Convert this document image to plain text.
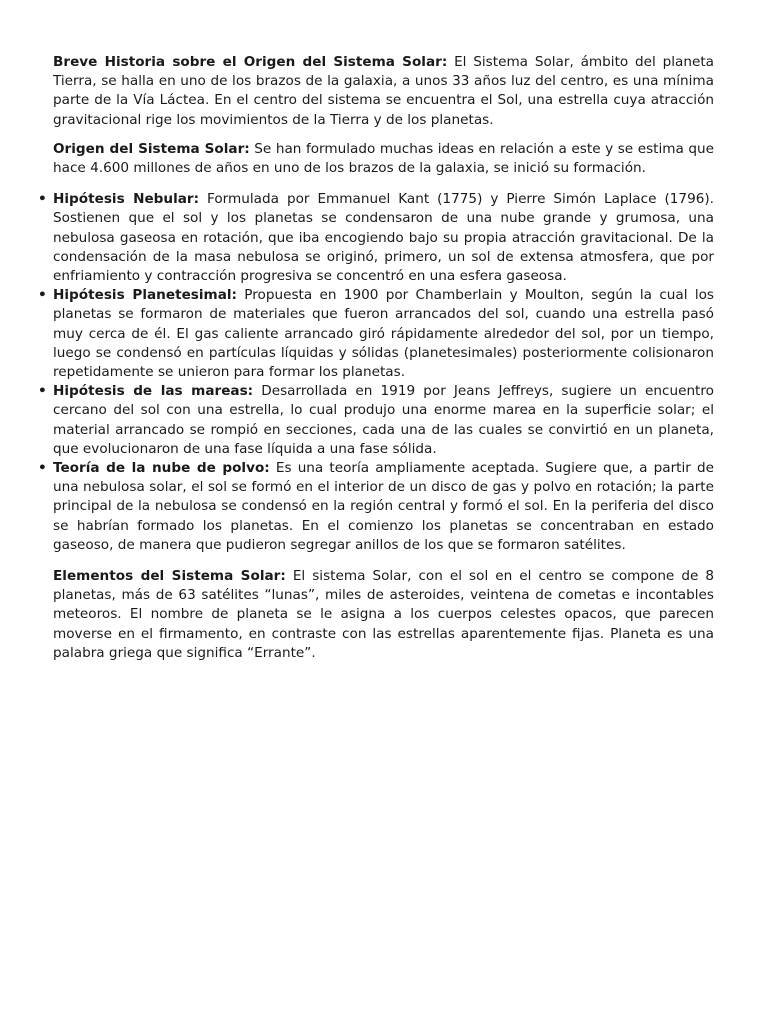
Breve Historia sobre el Origen del Sistema Solar: El Sistema Solar, ámbito del planeta Tierra, se halla en uno de los brazos de la galaxia, a unos 33 años luz del centro, es una mínima parte de la Vía Láctea. En el centro del sistema se encuentra el Sol, una estrella cuya atracción gravitacional rige los movimientos de la Tierra y de los planetas.

Origen del Sistema Solar: Se han formulado muchas ideas en relación a este y se estima que hace 4.600 millones de años en uno de los brazos de la galaxia, se inició su formación.

• Hipótesis Nebular: Formulada por Emmanuel Kant (1775) y Pierre Simón Laplace (1796). Sostienen que el sol y los planetas se condensaron de una nube grande y grumosa, una nebulosa gaseosa en rotación, que iba encogiendo bajo su propia atracción gravitacional. De la condensación de la masa nebulosa se originó, primero, un sol de extensa atmosfera, que por enfriamiento y contracción progresiva se concentró en una esfera gaseosa.
• Hipótesis Planetesimal: Propuesta en 1900 por Chamberlain y Moulton, según la cual los planetas se formaron de materiales que fueron arrancados del sol, cuando una estrella pasó muy cerca de él. El gas caliente arrancado giró rápidamente alrededor del sol, por un tiempo, luego se condensó en partículas líquidas y sólidas (planetesimales) posteriormente colisionaron repetidamente se unieron para formar los planetas.
• Hipótesis de las mareas: Desarrollada en 1919 por Jeans Jeffreys, sugiere un encuentro cercano del sol con una estrella, lo cual produjo una enorme marea en la superficie solar; el material arrancado se rompió en secciones, cada una de las cuales se convirtió en un planeta, que evolucionaron de una fase líquida a una fase sólida.
• Teoría de la nube de polvo: Es una teoría ampliamente aceptada. Sugiere que, a partir de una nebulosa solar, el sol se formó en el interior de un disco de gas y polvo en rotación; la parte principal de la nebulosa se condensó en la región central y formó el sol. En la periferia del disco se habrían formado los planetas. En el comienzo los planetas se concentraban en estado gaseoso, de manera que pudieron segregar anillos de los que se formaron satélites.

Elementos del Sistema Solar: El sistema Solar, con el sol en el centro se compone de 8 planetas, más de 63 satélites “lunas”, miles de asteroides, veintena de cometas e incontables meteoros. El nombre de planeta se le asigna a los cuerpos celestes opacos, que parecen moverse en el firmamento, en contraste con las estrellas aparentemente fijas. Planeta es una palabra griega que significa “Errante”.
